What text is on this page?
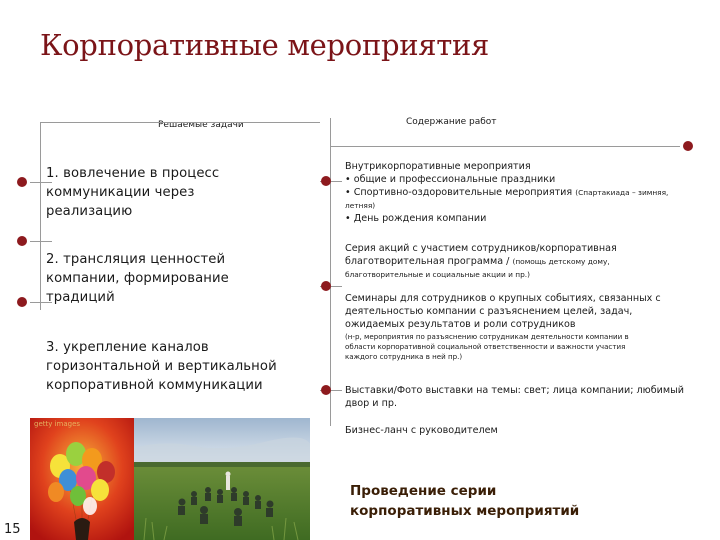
Корпоративные мероприятия
Решаемые задачи	Содержание работ

1. вовлечение в процесс

коммуникации через

реализацию

2. трансляция ценностей

компании, формирование

традиций

3. укрепление каналов

горизонтальной и вертикальной

корпоративной коммуникации

Внутрикорпоративные мероприятия

• общие и профессиональные праздники

• Спортивно-оздоровительные мероприятия (Спартакиада – зимняя,

летняя)

• День рождения компании

Серия акций с участием сотрудников/корпоративная

благотворительная программа / (помощь детскому дому,

благотворительные и социальные акции и пр.)

Семинары для сотрудников о крупных событиях, связанных с

деятельностью компании с разъяснением целей, задач,

ожидаемых результатов и роли сотрудников

(н-р, мероприятия по разъяснению сотрудникам деятельности компании в

области корпоративной социальной ответственности и важности участия

каждого сотрудника в ней пр.)

Выставки/Фото выставки на темы: свет; лица компании; любимый

двор и пр.

Бизнес-ланч с руководителем

getty images
15

Проведение серии

корпоративных мероприятий
